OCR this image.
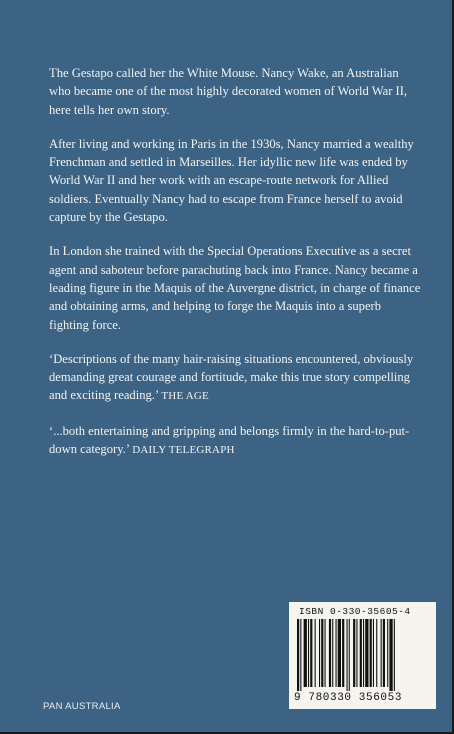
The Gestapo called her the White Mouse. Nancy Wake, an Australian who became one of the most highly decorated women of World War II, here tells her own story.

After living and working in Paris in the 1930s, Nancy married a wealthy Frenchman and settled in Marseilles. Her idyllic new life was ended by World War II and her work with an escape-route network for Allied soldiers. Eventually Nancy had to escape from France herself to avoid capture by the Gestapo.

In London she trained with the Special Operations Executive as a secret agent and saboteur before parachuting back into France. Nancy became a leading figure in the Maquis of the Auvergne district, in charge of finance and obtaining arms, and helping to forge the Maquis into a superb fighting force.

‘Descriptions of the many hair-raising situations encountered, obviously demanding great courage and fortitude, make this true story compelling and exciting reading.’ THE AGE

‘...both entertaining and gripping and belongs firmly in the hard-to-put-down category.’ DAILY TELEGRAPH

PAN AUSTRALIA
ISBN 0-330-35605-4
9 780330 356053
